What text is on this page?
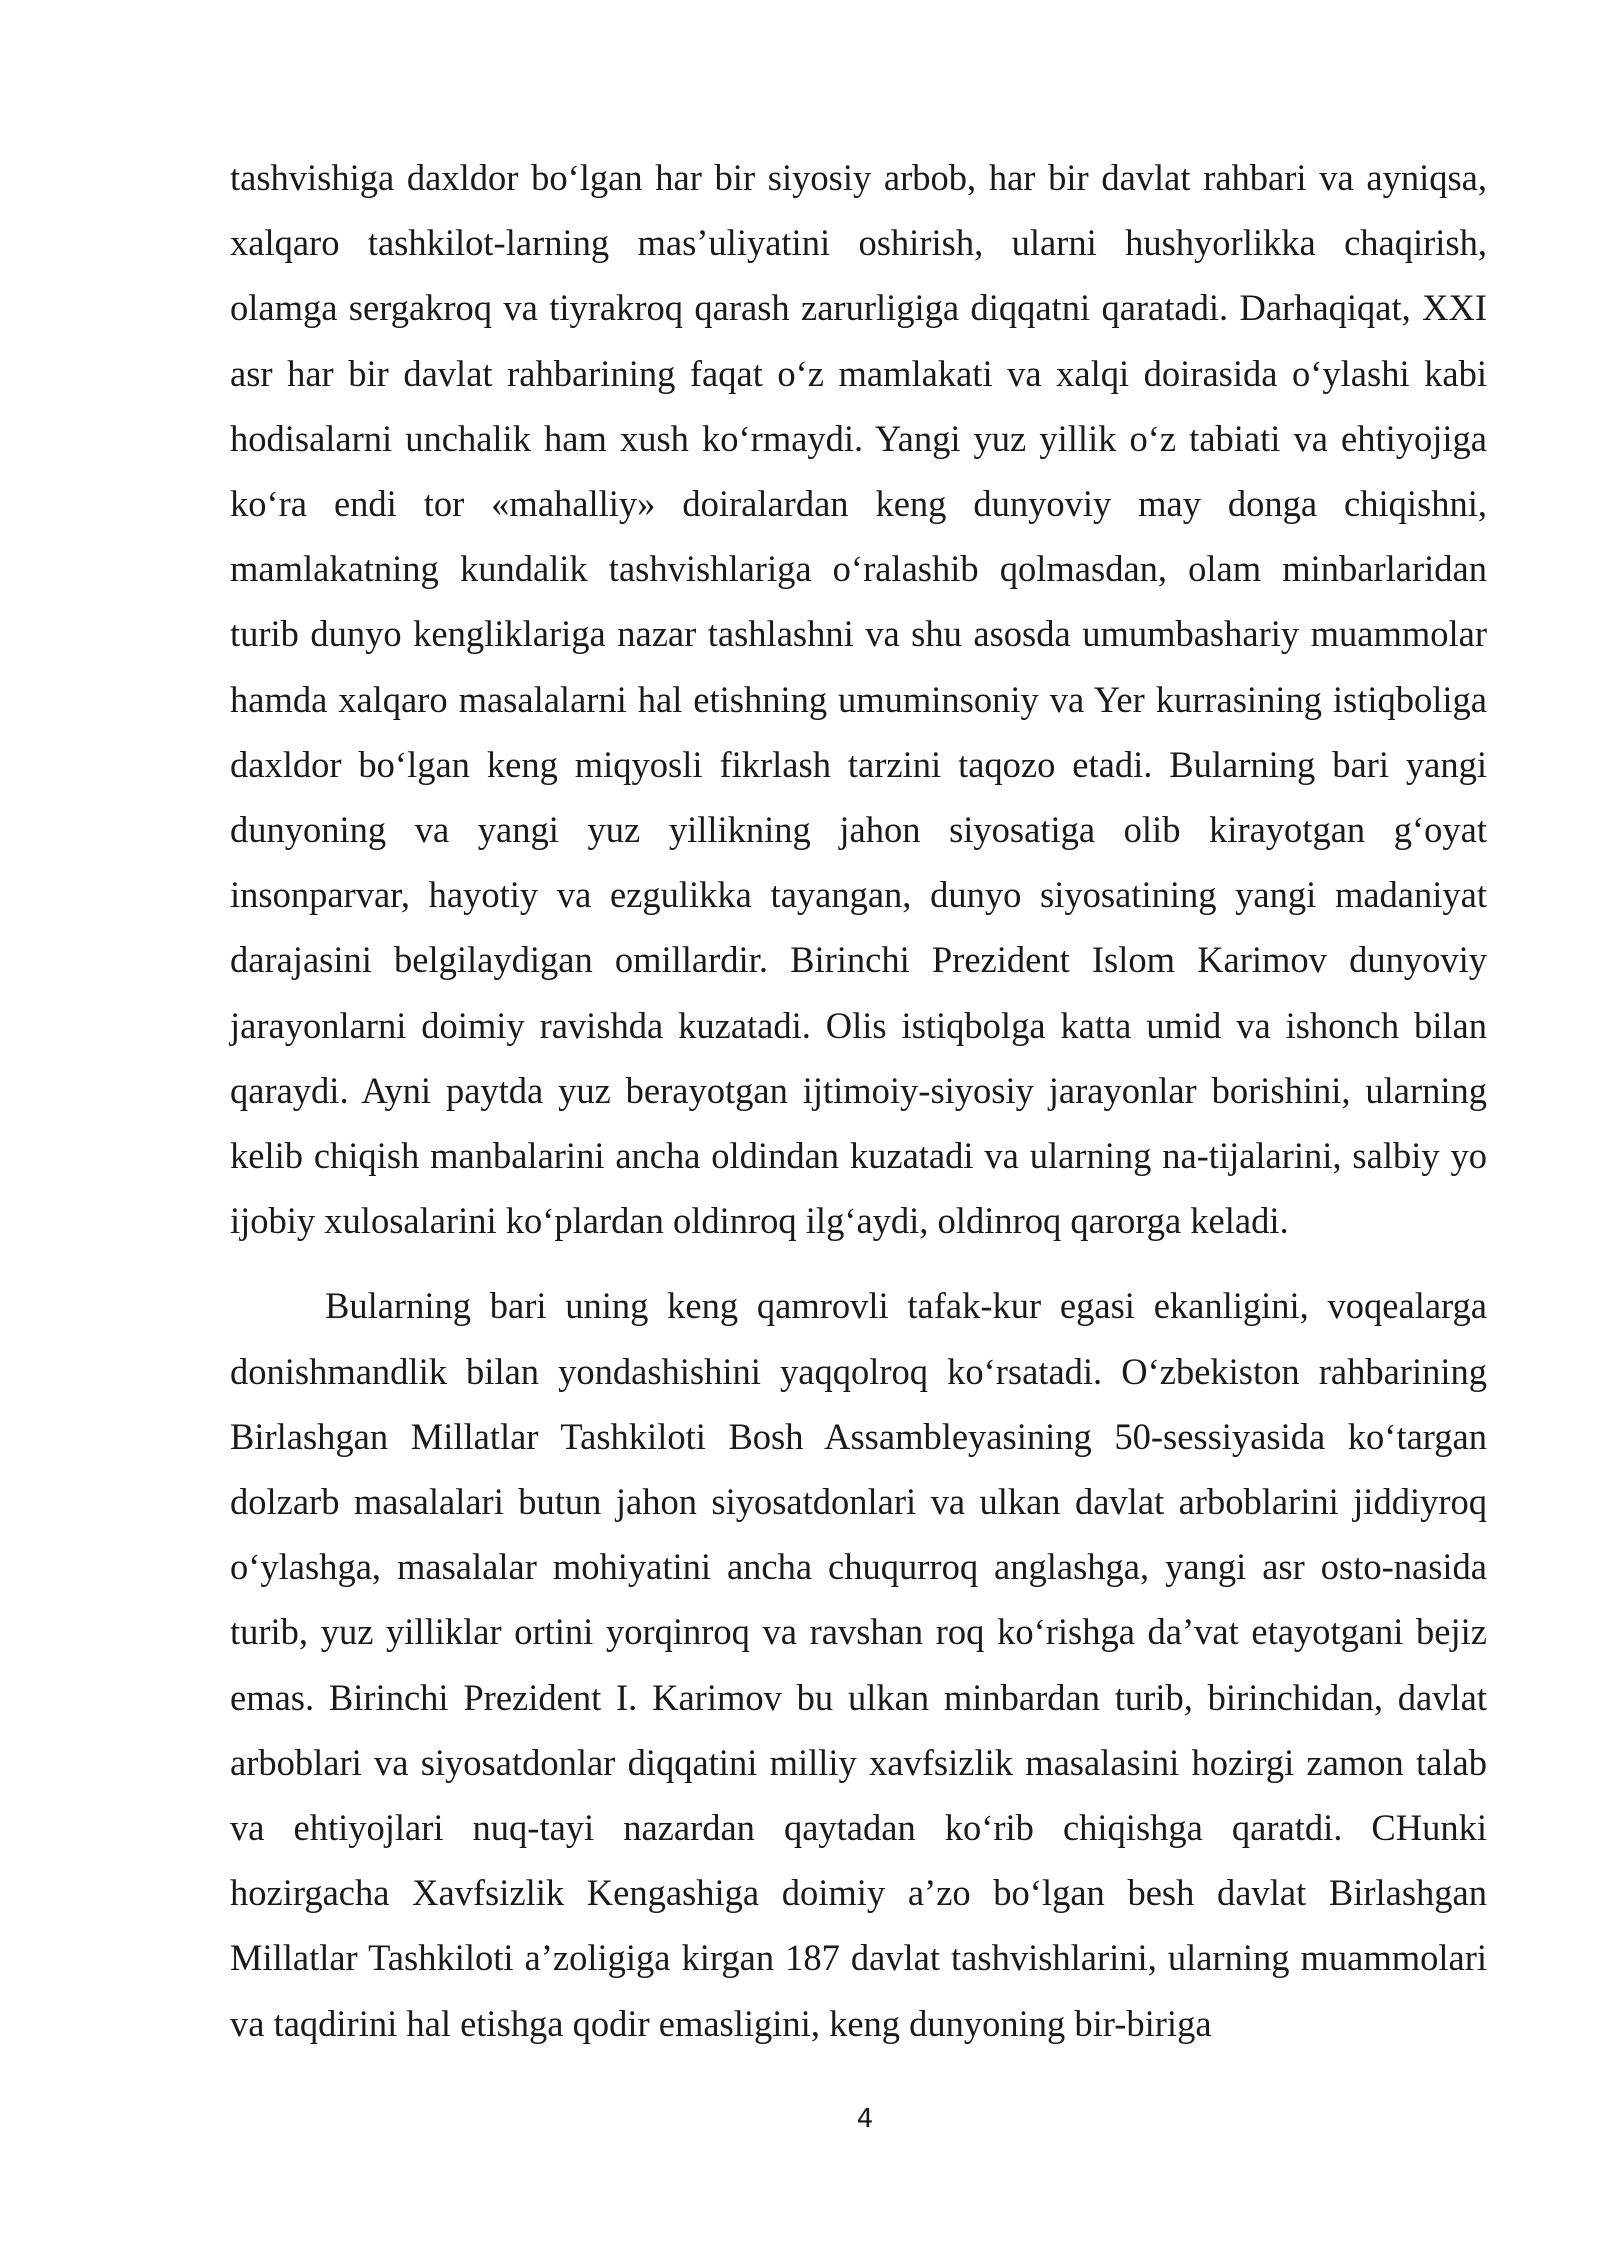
tashvishiga daxldor bo‘lgan har bir siyosiy arbob, har bir davlat rahbari va ayniqsa, xalqaro tashkilot-larning mas’uliyatini oshirish, ularni hushyorlikka chaqirish, olamga sergakroq va tiyrakroq qarash zarurligiga diqqatni qaratadi. Darhaqiqat, XXI asr har bir davlat rahbarining faqat o‘z mamlakati va xalqi doirasida o‘ylashi kabi hodisalarni unchalik ham xush ko‘rmaydi. Yangi yuz yillik o‘z tabiati va ehtiyojiga ko‘ra endi tor «mahalliy» doiralardan keng dunyoviy may donga chiqishni, mamlakatning kundalik tashvishlariga o‘ralashib qolmasdan, olam minbarlaridan turib dunyo kengliklariga nazar tashlashni va shu asosda umumbashariy muammolar hamda xalqaro masalalarni hal etishning umuminsoniy va Yer kurrasining istiqboliga daxldor bo‘lgan keng miqyosli fikrlash tarzini taqozo etadi. Bularning bari yangi dunyoning va yangi yuz yillikning jahon siyosatiga olib kirayotgan g‘oyat insonparvar, hayotiy va ezgulikka tayangan, dunyo siyosatining yangi madaniyat darajasini belgilaydigan omillardir. Birinchi Prezident Islom Karimov dunyoviy jarayonlarni doimiy ravishda kuzatadi. Olis istiqbolga katta umid va ishonch bilan qaraydi. Ayni paytda yuz berayotgan ijtimoiy-siyosiy jarayonlar borishini, ularning kelib chiqish manbalarini ancha oldindan kuzatadi va ularning na-tijalarini, salbiy yo ijobiy xulosalarini ko‘plardan oldinroq ilg‘aydi, oldinroq qarorga keladi.

Bularning bari uning keng qamrovli tafak-kur egasi ekanligini, voqealarga donishmandlik bilan yondashishini yaqqolroq ko‘rsatadi. O‘zbekiston rahbarining Birlashgan Millatlar Tashkiloti Bosh Assambleyasining 50-sessiyasida ko‘targan dolzarb masalalari butun jahon siyosatdonlari va ulkan davlat arboblarini jiddiyroq o‘ylashga, masalalar mohiyatini ancha chuqurroq anglashga, yangi asr osto-nasida turib, yuz yilliklar ortini yorqinroq va ravshan roq ko‘rishga da’vat etayotgani bejiz emas. Birinchi Prezident I. Karimov bu ulkan minbardan turib, birinchidan, davlat arboblari va siyosatdonlar diqqatini milliy xavfsizlik masalasini hozirgi zamon talab va ehtiyojlari nuq-tayi nazardan qaytadan ko‘rib chiqishga qaratdi. CHunki hozirgacha Xavfsizlik Kengashiga doimiy a’zo bo‘lgan besh davlat Birlashgan Millatlar Tashkiloti a’zoligiga kirgan 187 davlat tashvishlarini, ularning muammolari va taqdirini hal etishga qodir emasligini, keng dunyoning bir-biriga

4
